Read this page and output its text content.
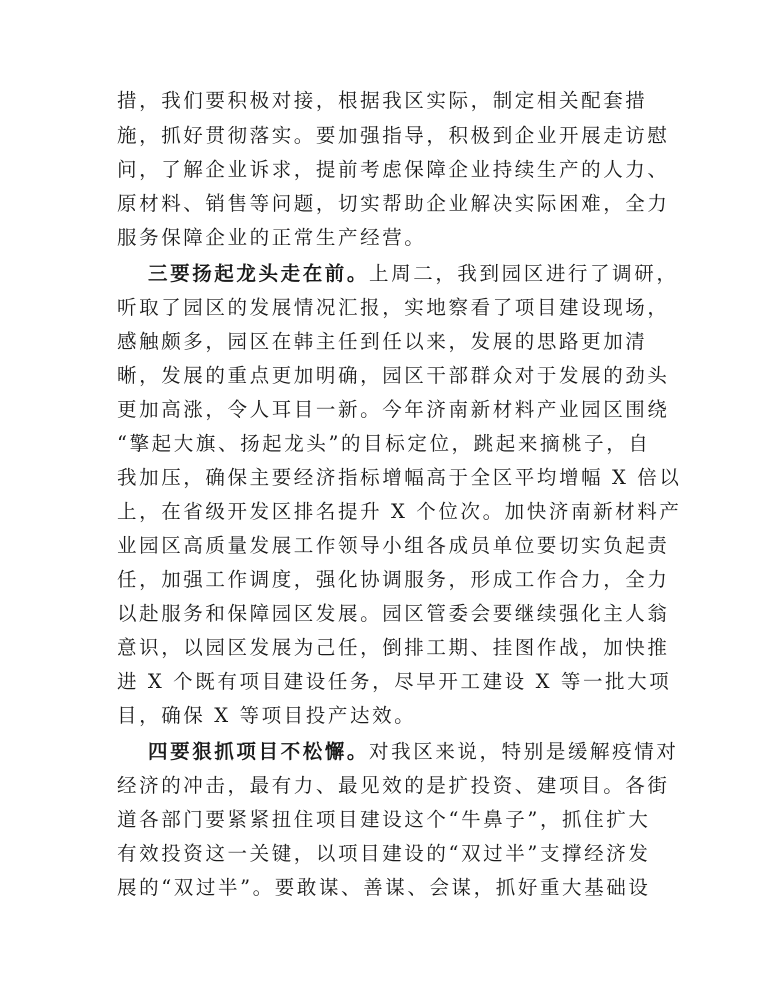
措，我们要积极对接，根据我区实际，制定相关配套措
施，抓好贯彻落实。要加强指导，积极到企业开展走访慰
问，了解企业诉求，提前考虑保障企业持续生产的人力、
原材料、销售等问题，切实帮助企业解决实际困难，全力
服务保障企业的正常生产经营。
三要扬起龙头走在前。上周二，我到园区进行了调研，
听取了园区的发展情况汇报，实地察看了项目建设现场，
感触颇多，园区在韩主任到任以来，发展的思路更加清
晰，发展的重点更加明确，园区干部群众对于发展的劲头
更加高涨，令人耳目一新。今年济南新材料产业园区围绕
“擎起大旗、扬起龙头”的目标定位，跳起来摘桃子，自
我加压，确保主要经济指标增幅高于全区平均增幅 X 倍以
上，在省级开发区排名提升 X 个位次。加快济南新材料产
业园区高质量发展工作领导小组各成员单位要切实负起责
任，加强工作调度，强化协调服务，形成工作合力，全力
以赴服务和保障园区发展。园区管委会要继续强化主人翁
意识，以园区发展为己任，倒排工期、挂图作战，加快推
进 X 个既有项目建设任务，尽早开工建设 X 等一批大项
目，确保 X 等项目投产达效。
四要狠抓项目不松懈。对我区来说，特别是缓解疫情对
经济的冲击，最有力、最见效的是扩投资、建项目。各街
道各部门要紧紧扭住项目建设这个“牛鼻子”，抓住扩大
有效投资这一关键，以项目建设的“双过半”支撑经济发
展的“双过半”。要敢谋、善谋、会谋，抓好重大基础设
